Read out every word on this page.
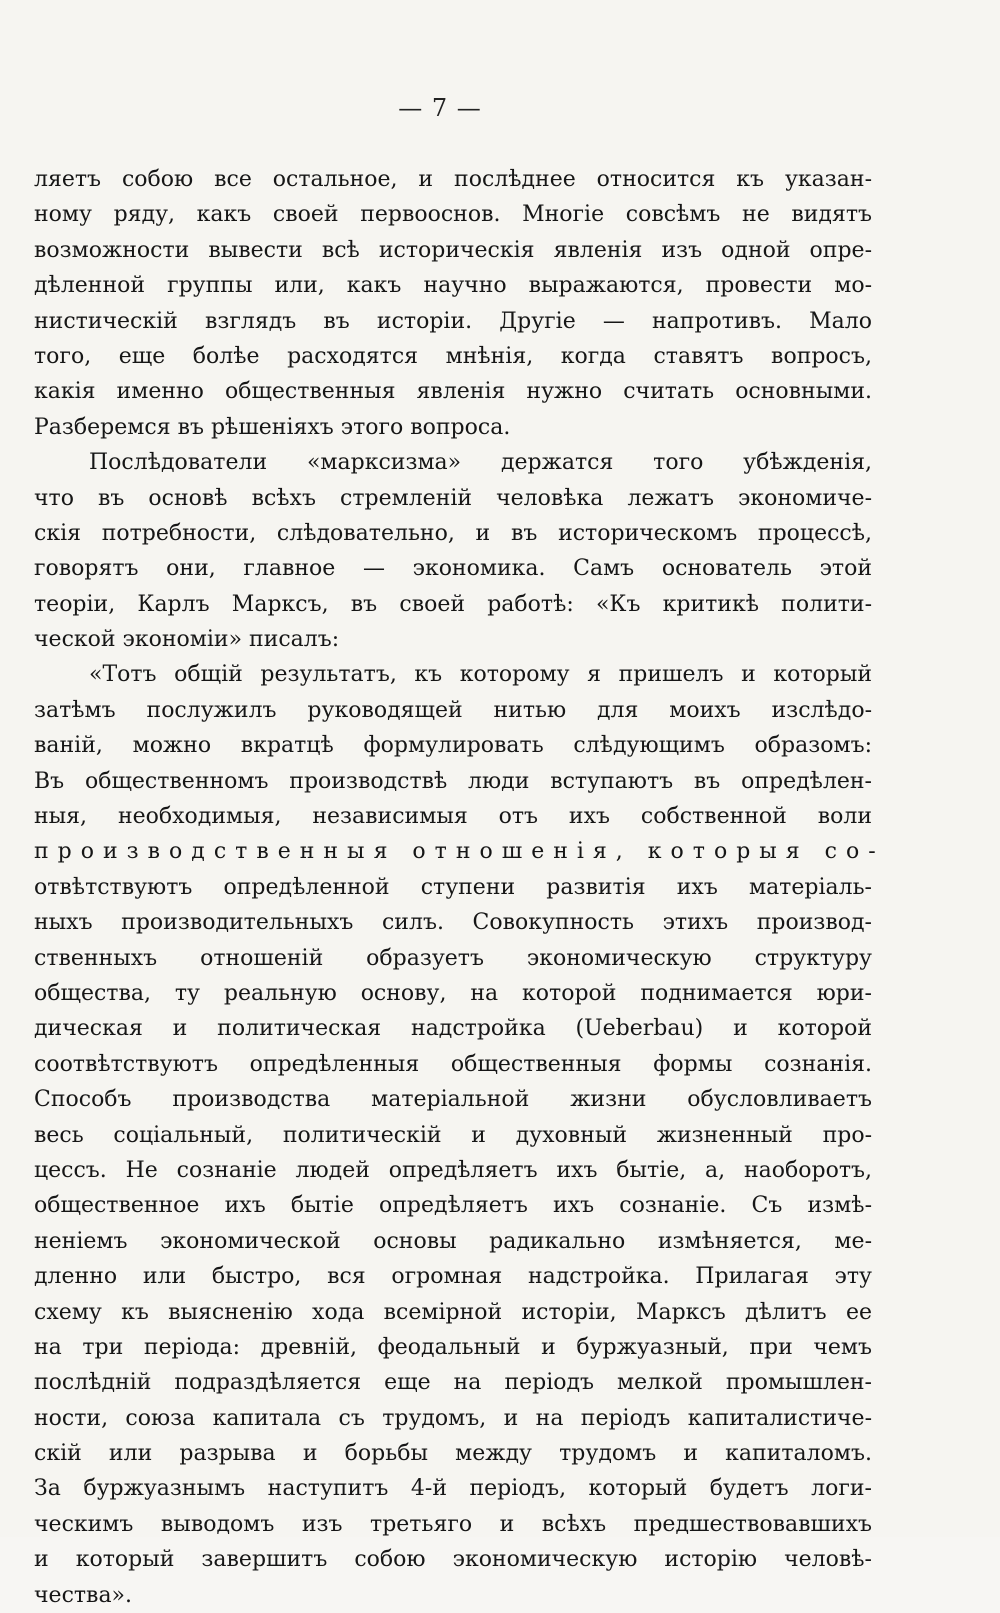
— 7 —
ляетъ собою все остальное, и послѣднее относится къ указан-
ному ряду, какъ своей первооснов. Многіе совсѣмъ не видятъ
возможности вывести всѣ историческія явленія изъ одной опре-
дѣленной группы или, какъ научно выражаются, провести мо-
нистическій взглядъ въ исторіи. Другіе — напротивъ. Мало
того, еще болѣе расходятся мнѣнія, когда ставятъ вопросъ,
какія именно общественныя явленія нужно считать основными.
Разберемся въ рѣшеніяхъ этого вопроса.
Послѣдователи «марксизма» держатся того убѣжденія,
что въ основѣ всѣхъ стремленій человѣка лежатъ экономиче-
скія потребности, слѣдовательно, и въ историческомъ процессѣ,
говорятъ они, главное — экономика. Самъ основатель этой
теоріи, Карлъ Марксъ, въ своей работѣ: «Къ критикѣ полити-
ческой экономіи» писалъ:
«Тотъ общій результатъ, къ которому я пришелъ и который
затѣмъ послужилъ руководящей нитью для моихъ изслѣдо-
ваній, можно вкратцѣ формулировать слѣдующимъ образомъ:
Въ общественномъ производствѣ люди вступаютъ въ опредѣлен-
ныя, необходимыя, независимыя отъ ихъ собственной воли
производственныя отношенія, которыя со-
отвѣтствуютъ опредѣленной ступени развитія ихъ матеріаль-
ныхъ производительныхъ силъ. Совокупность этихъ производ-
ственныхъ отношеній образуетъ экономическую структуру
общества, ту реальную основу, на которой поднимается юри-
дическая и политическая надстройка (Ueberbau) и которой
соотвѣтствуютъ опредѣленныя общественныя формы сознанія.
Способъ производства матеріальной жизни обусловливаетъ
весь соціальный, политическій и духовный жизненный про-
цессъ. Не сознаніе людей опредѣляетъ ихъ бытіе, а, наоборотъ,
общественное ихъ бытіе опредѣляетъ ихъ сознаніе. Съ измѣ-
неніемъ экономической основы радикально измѣняется, ме-
дленно или быстро, вся огромная надстройка. Прилагая эту
схему къ выясненію хода всемірной исторіи, Марксъ дѣлитъ ее
на три періода: древній, феодальный и буржуазный, при чемъ
послѣдній подраздѣляется еще на періодъ мелкой промышлен-
ности, союза капитала съ трудомъ, и на періодъ капиталистиче-
скій или разрыва и борьбы между трудомъ и капиталомъ.
За буржуазнымъ наступитъ 4-й періодъ, который будетъ логи-
ческимъ выводомъ изъ третьяго и всѣхъ предшествовавшихъ
и который завершитъ собою экономическую исторію человѣ-
чества».
